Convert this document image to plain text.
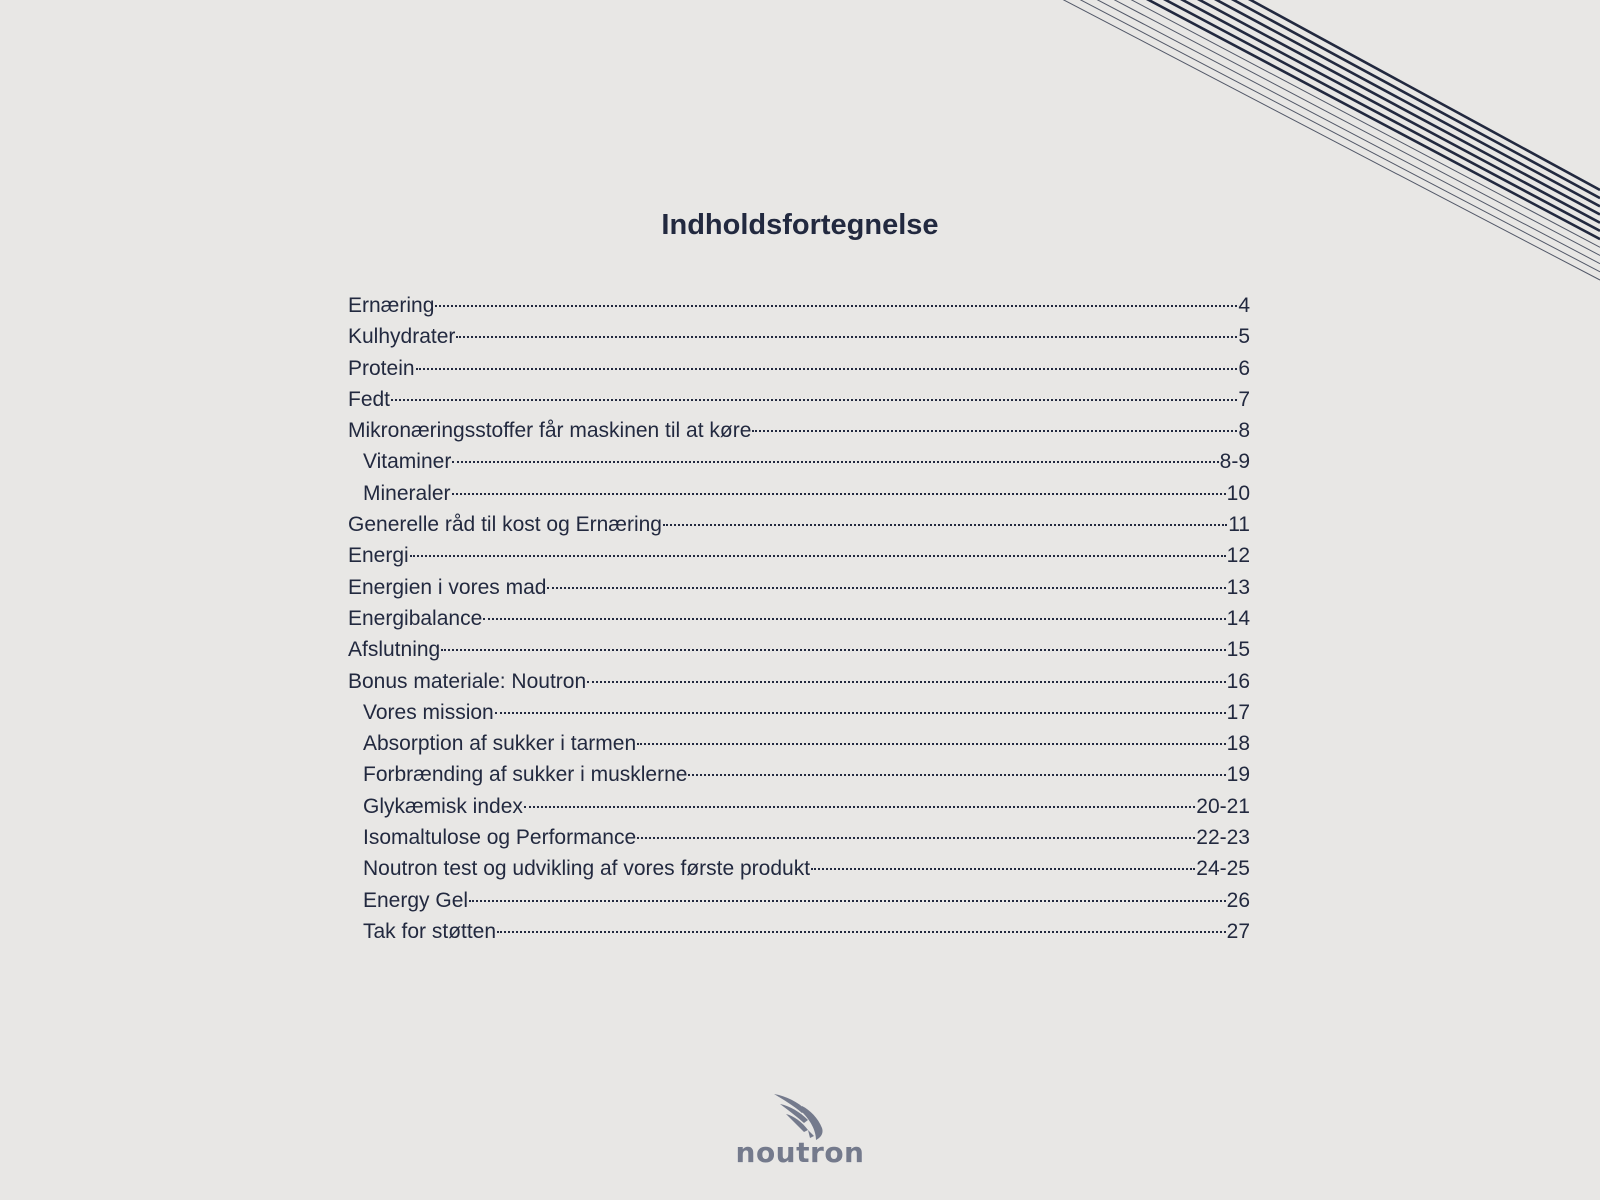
Indholdsfortegnelse
Ernæring	4
Kulhydrater	5
Protein	6
Fedt	7
Mikronæringsstoffer får maskinen til at køre	8
Vitaminer	8-9
Mineraler	10
Generelle råd til kost og Ernæring	11
Energi	12
Energien i vores mad	13
Energibalance	14
Afslutning	15
Bonus materiale: Noutron	16
Vores mission	17
Absorption af sukker i tarmen	18
Forbrænding af sukker i musklerne	19
Glykæmisk index	20-21
Isomaltulose og Performance	22-23
Noutron test og udvikling af vores første produkt	24-25
Energy Gel	26
Tak for støtten	27
noutron
